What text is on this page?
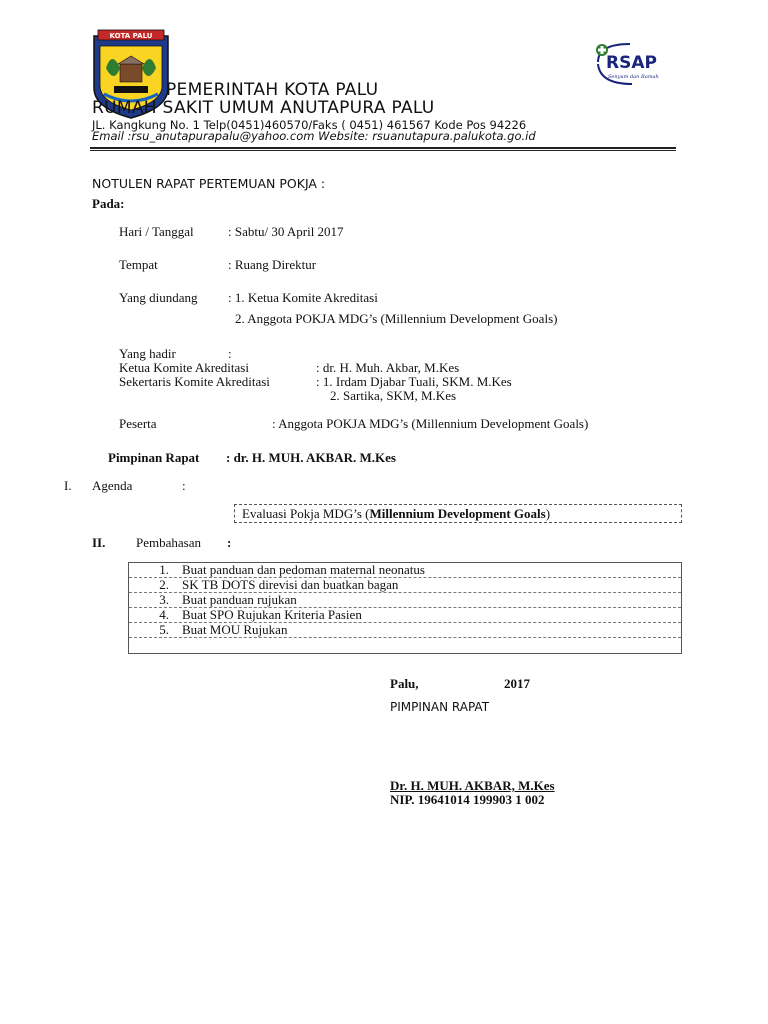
KOTA PALU
RSAP
Senyum dan Ramah
PEMERINTAH KOTA PALU
RUMAH SAKIT UMUM ANUTAPURA PALU
JL. Kangkung No. 1 Telp(0451)460570/Faks ( 0451) 461567 Kode Pos 94226
Email :rsu_anutapurapalu@yahoo.com Website: rsuanutapura.palukota.go.id
NOTULEN RAPAT PERTEMUAN POKJA :
Pada:
Hari / Tanggal	: Sabtu/ 30 April 2017
Tempat	: Ruang Direktur
Yang diundang : 1. Ketua Komite Akreditasi
2. Anggota POKJA MDG’s (Millennium Development Goals)
Yang hadir	:
Ketua Komite Akreditasi	: dr. H. Muh. Akbar, M.Kes
Sekertaris Komite Akreditasi	: 1. Irdam Djabar Tuali, SKM. M.Kes
2. Sartika, SKM, M.Kes
Peserta	: Anggota POKJA MDG’s (Millennium Development Goals)
Pimpinan Rapat : dr. H. MUH. AKBAR. M.Kes
I. Agenda	:
Evaluasi Pokja MDG’s (Millennium Development Goals)
II. Pembahasan :
1. Buat panduan dan pedoman maternal neonatus
2. SK TB DOTS direvisi dan buatkan bagan
3. Buat panduan rujukan
4. Buat SPO Rujukan Kriteria Pasien
5. Buat MOU Rujukan
Palu,	2017
PIMPINAN RAPAT
Dr. H. MUH. AKBAR, M.Kes
NIP. 19641014 199903 1 002
